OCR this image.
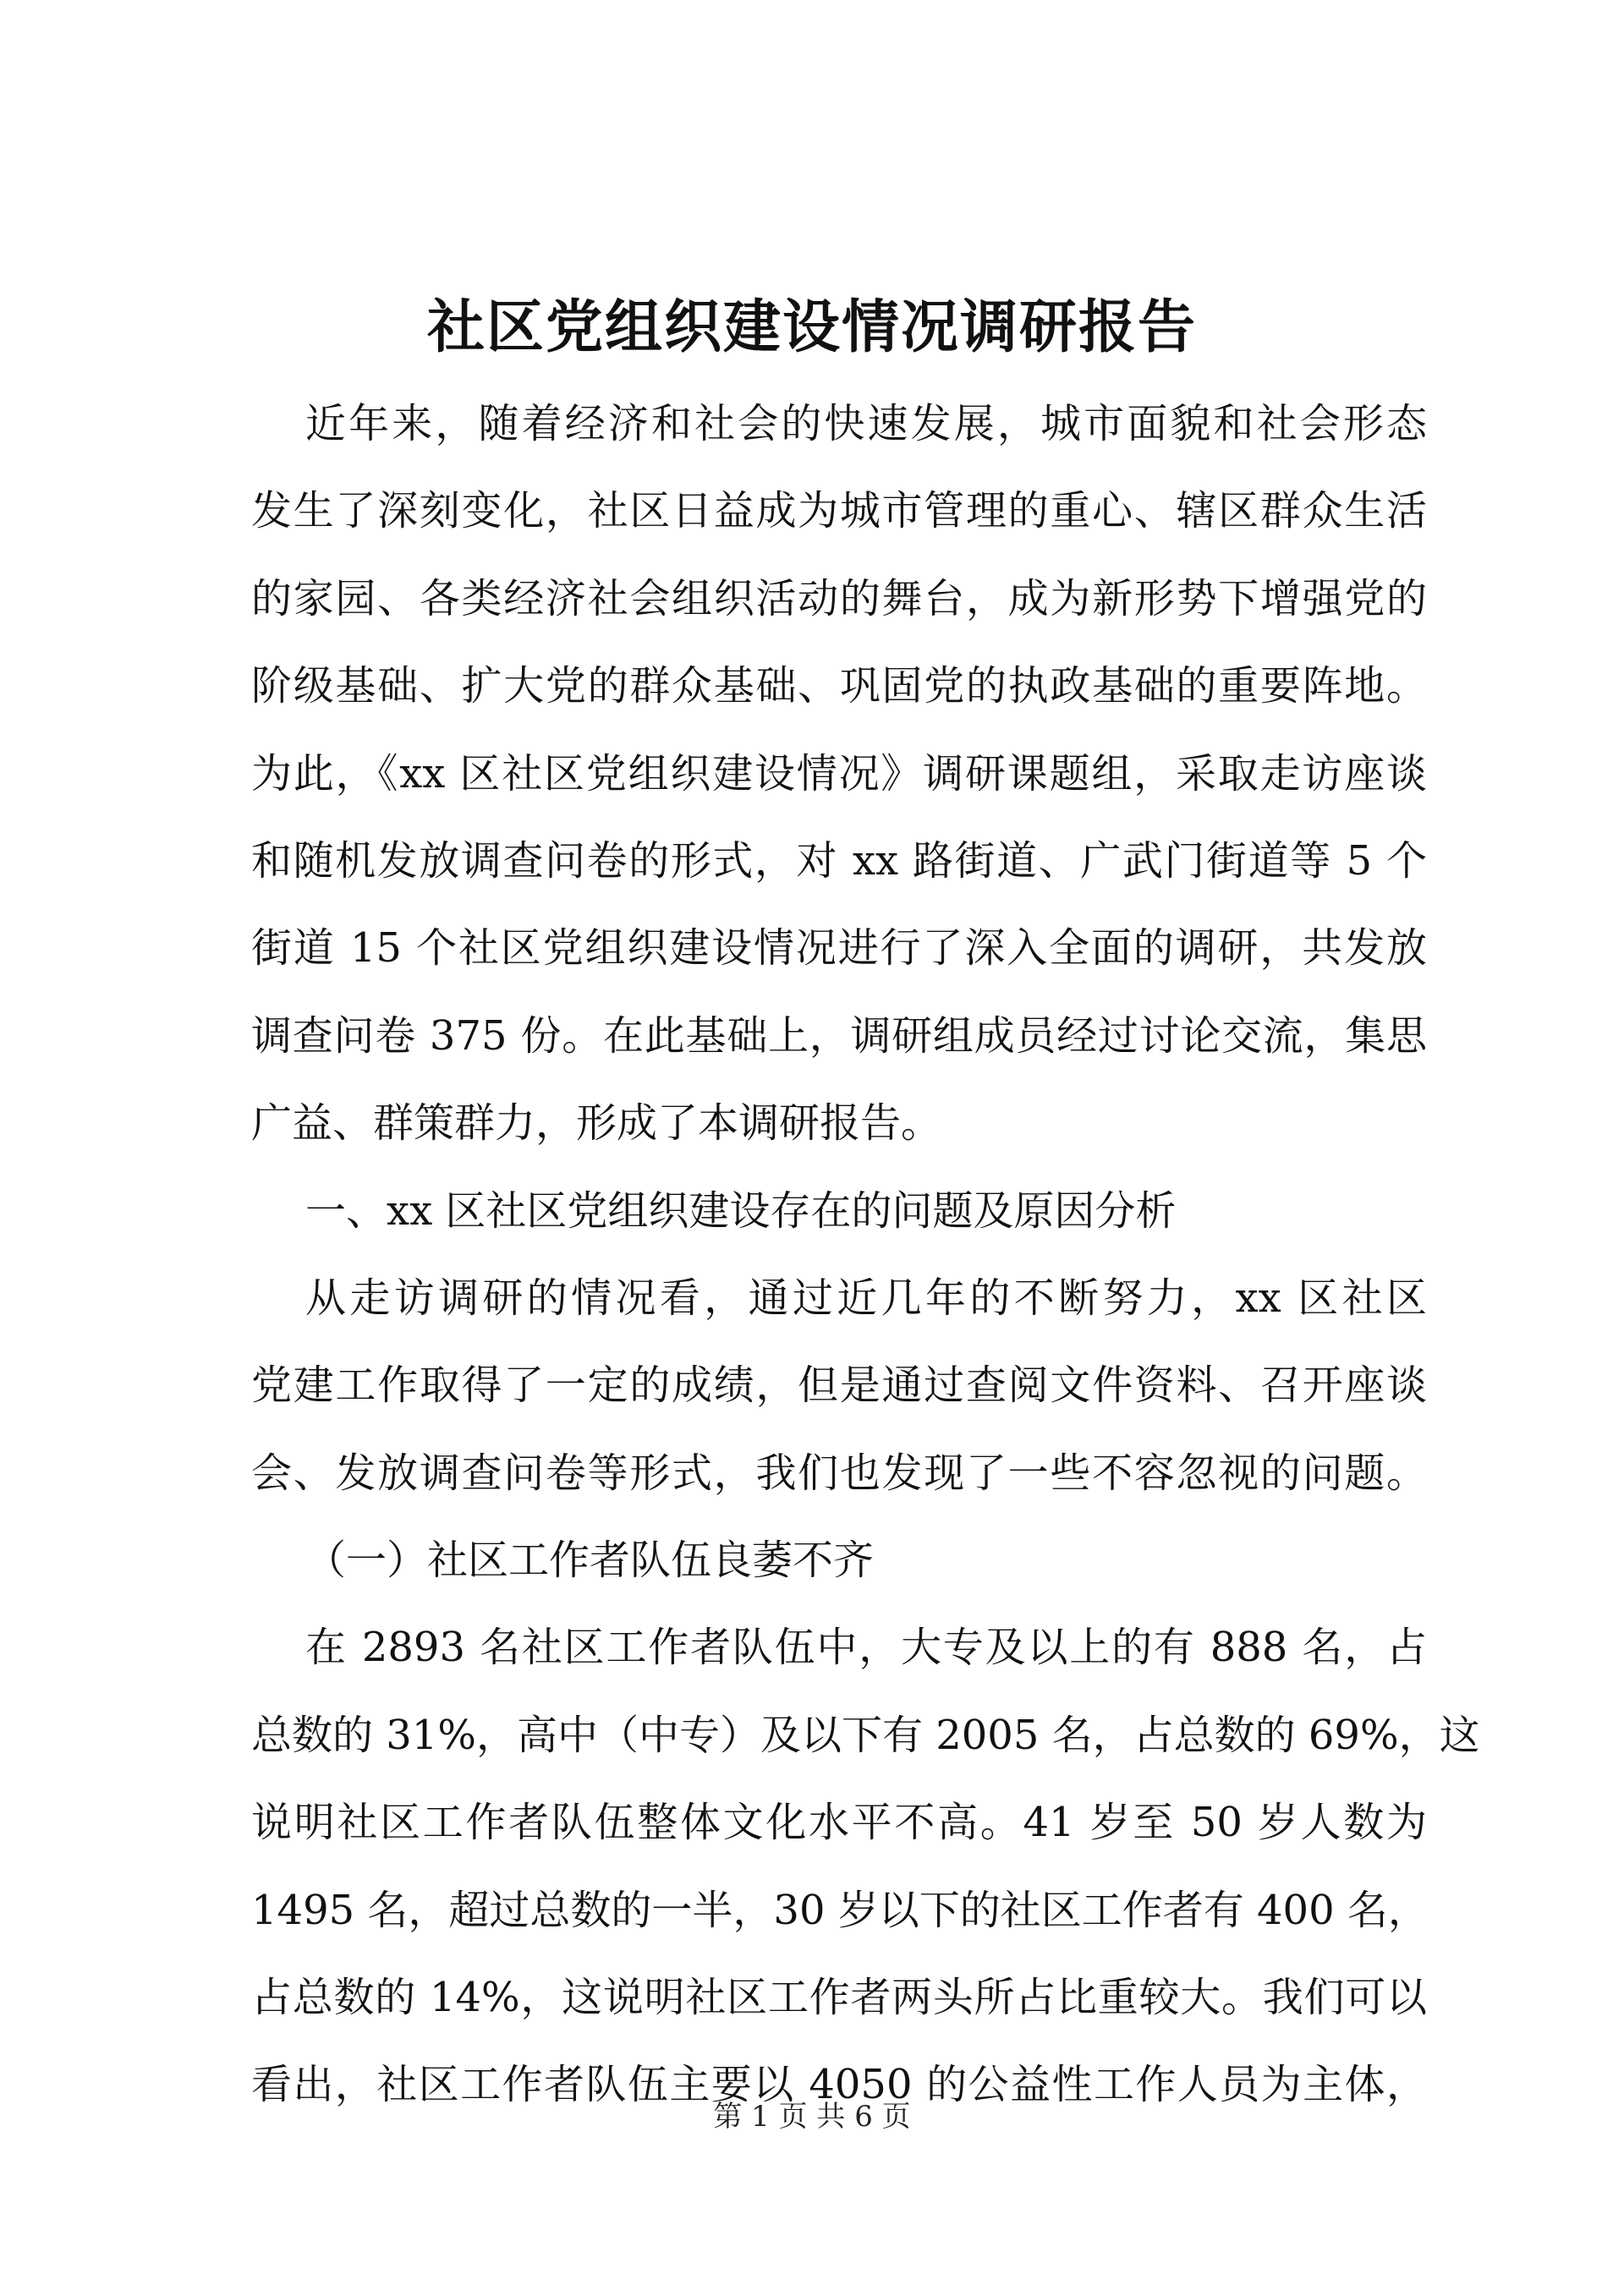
社区党组织建设情况调研报告
近年来，随着经济和社会的快速发展，城市面貌和社会形态
发生了深刻变化，社区日益成为城市管理的重心、辖区群众生活
的家园、各类经济社会组织活动的舞台，成为新形势下增强党的
阶级基础、扩大党的群众基础、巩固党的执政基础的重要阵地。
为此，《xx 区社区党组织建设情况》调研课题组，采取走访座谈
和随机发放调查问卷的形式，对 xx 路街道、广武门街道等 5 个
街道 15 个社区党组织建设情况进行了深入全面的调研，共发放
调查问卷 375 份。在此基础上，调研组成员经过讨论交流，集思
广益、群策群力，形成了本调研报告。
一、xx 区社区党组织建设存在的问题及原因分析
从走访调研的情况看，通过近几年的不断努力，xx 区社区
党建工作取得了一定的成绩，但是通过查阅文件资料、召开座谈
会、发放调查问卷等形式，我们也发现了一些不容忽视的问题。
（一）社区工作者队伍良萎不齐
在 2893 名社区工作者队伍中，大专及以上的有 888 名，占
总数的 31%，高中（中专）及以下有 2005 名，占总数的 69%，这
说明社区工作者队伍整体文化水平不高。41 岁至 50 岁人数为
1495 名，超过总数的一半，30 岁以下的社区工作者有 400 名，
占总数的 14%，这说明社区工作者两头所占比重较大。我们可以
看出，社区工作者队伍主要以 4050 的公益性工作人员为主体，
第 1 页 共 6 页
